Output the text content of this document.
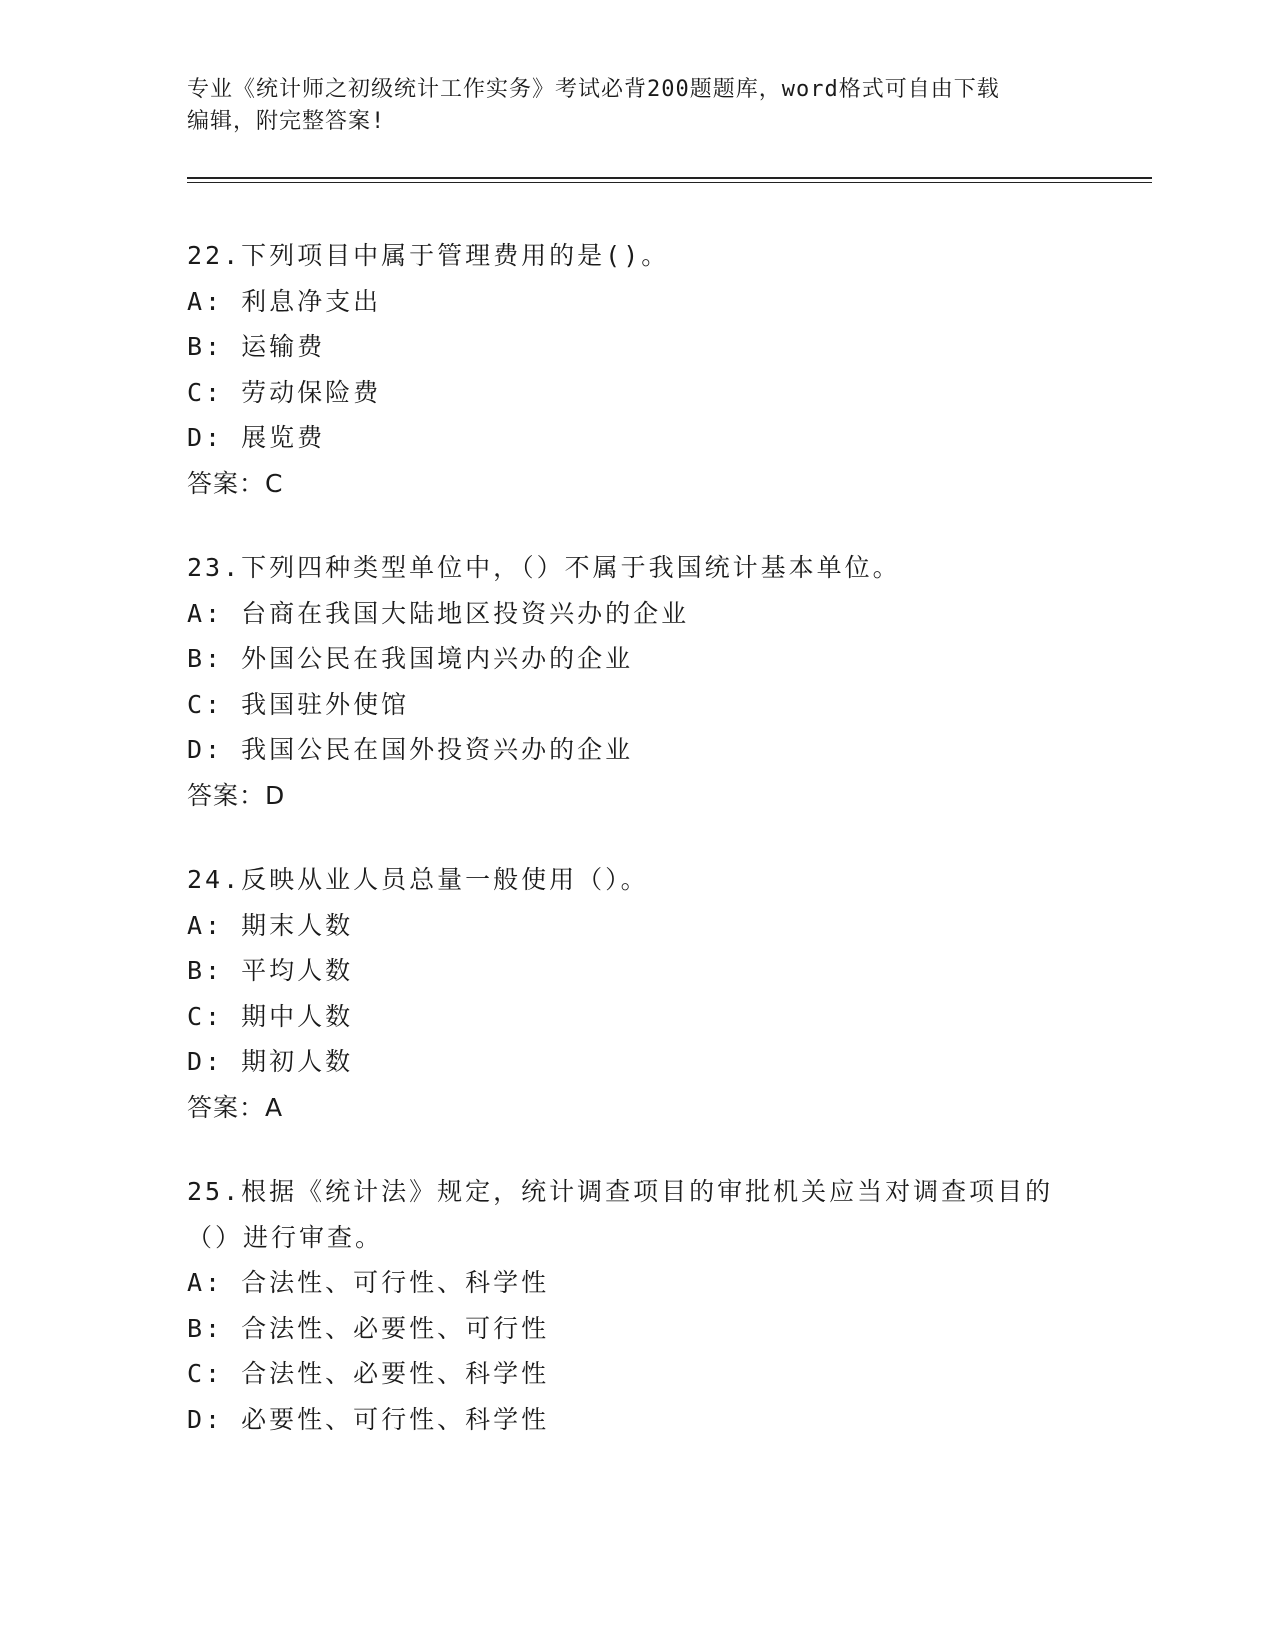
专业《统计师之初级统计工作实务》考试必背200题题库，word格式可自由下载
编辑，附完整答案!
22.下列项目中属于管理费用的是()。
A: 利息净支出
B: 运输费
C: 劳动保险费
D: 展览费
答案：C
23.下列四种类型单位中，（）不属于我国统计基本单位。
A: 台商在我国大陆地区投资兴办的企业
B: 外国公民在我国境内兴办的企业
C: 我国驻外使馆
D: 我国公民在国外投资兴办的企业
答案：D
24.反映从业人员总量一般使用（）。
A: 期末人数
B: 平均人数
C: 期中人数
D: 期初人数
答案：A
25.根据《统计法》规定，统计调查项目的审批机关应当对调查项目的
（）进行审查。
A: 合法性、可行性、科学性
B: 合法性、必要性、可行性
C: 合法性、必要性、科学性
D: 必要性、可行性、科学性
